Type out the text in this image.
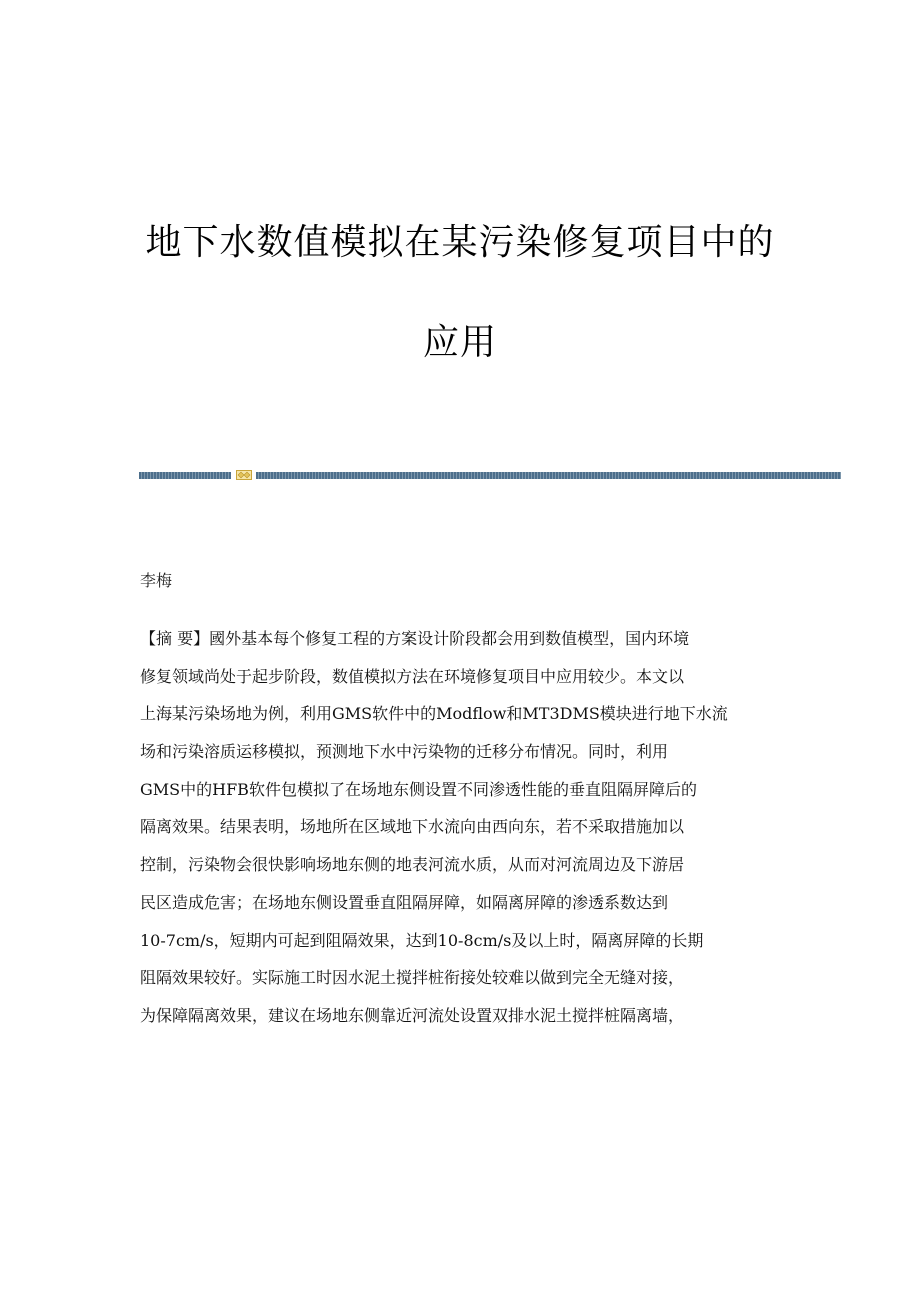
地下水数值模拟在某污染修复项目中的
应用
李梅
【摘 要】國外基本每个修复工程的方案设计阶段都会用到数值模型，国内环境
修复领域尚处于起步阶段，数值模拟方法在环境修复项目中应用较少。本文以
上海某污染场地为例，利用GMS软件中的Modflow和MT3DMS模块进行地下水流
场和污染溶质运移模拟，预测地下水中污染物的迁移分布情况。同时，利用
GMS中的HFB软件包模拟了在场地东侧设置不同渗透性能的垂直阻隔屏障后的
隔离效果。结果表明，场地所在区域地下水流向由西向东，若不采取措施加以
控制，污染物会很快影响场地东侧的地表河流水质，从而对河流周边及下游居
民区造成危害；在场地东侧设置垂直阻隔屏障，如隔离屏障的渗透系数达到
10-7cm/s，短期内可起到阻隔效果，达到10-8cm/s及以上时，隔离屏障的长期
阻隔效果较好。实际施工时因水泥土搅拌桩衔接处较难以做到完全无缝对接，
为保障隔离效果，建议在场地东侧靠近河流处设置双排水泥土搅拌桩隔离墙，
